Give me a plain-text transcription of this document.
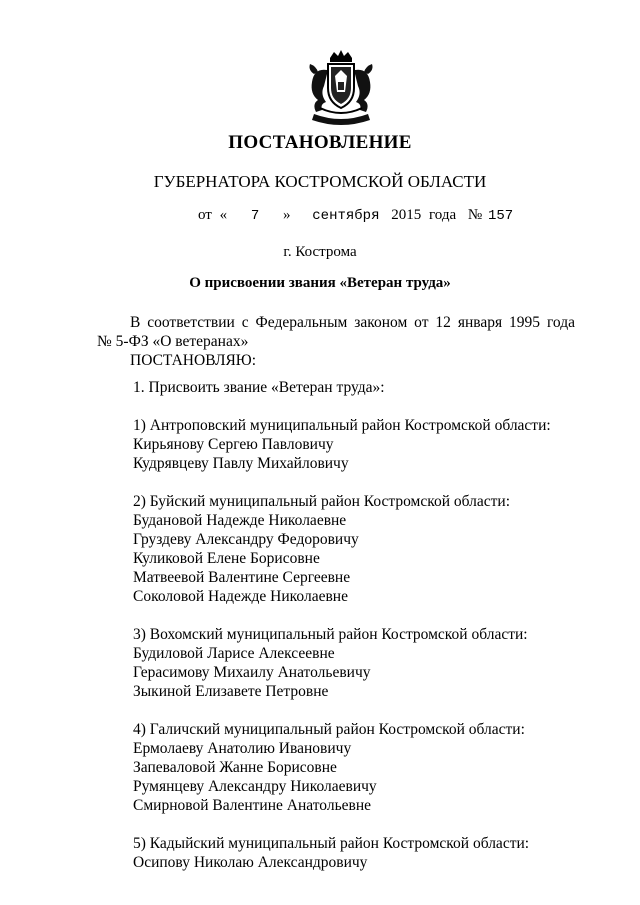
ПОСТАНОВЛЕНИЕ
ГУБЕРНАТОРА КОСТРОМСКОЙ ОБЛАСТИ
от « 7 » сентября 2015 года № 157
г. Кострома
О присвоении звания «Ветеран труда»
В соответствии с Федеральным законом от 12 января 1995 года
№ 5-ФЗ «О ветеранах»
ПОСТАНОВЛЯЮ:

1. Присвоить звание «Ветеран труда»:

1) Антроповский муниципальный район Костромской области:
Кирьянову Сергею Павловичу
Кудрявцеву Павлу Михайловичу
2) Буйский муниципальный район Костромской области:
Будановой Надежде Николаевне
Груздеву Александру Федоровичу
Куликовой Елене Борисовне
Матвеевой Валентине Сергеевне
Соколовой Надежде Николаевне
3) Вохомский муниципальный район Костромской области:
Будиловой Ларисе Алексеевне
Герасимову Михаилу Анатольевичу
Зыкиной Елизавете Петровне
4) Галичский муниципальный район Костромской области:
Ермолаеву Анатолию Ивановичу
Запеваловой Жанне Борисовне
Румянцеву Александру Николаевичу
Смирновой Валентине Анатольевне
5) Кадыйский муниципальный район Костромской области:
Осипову Николаю Александровичу
